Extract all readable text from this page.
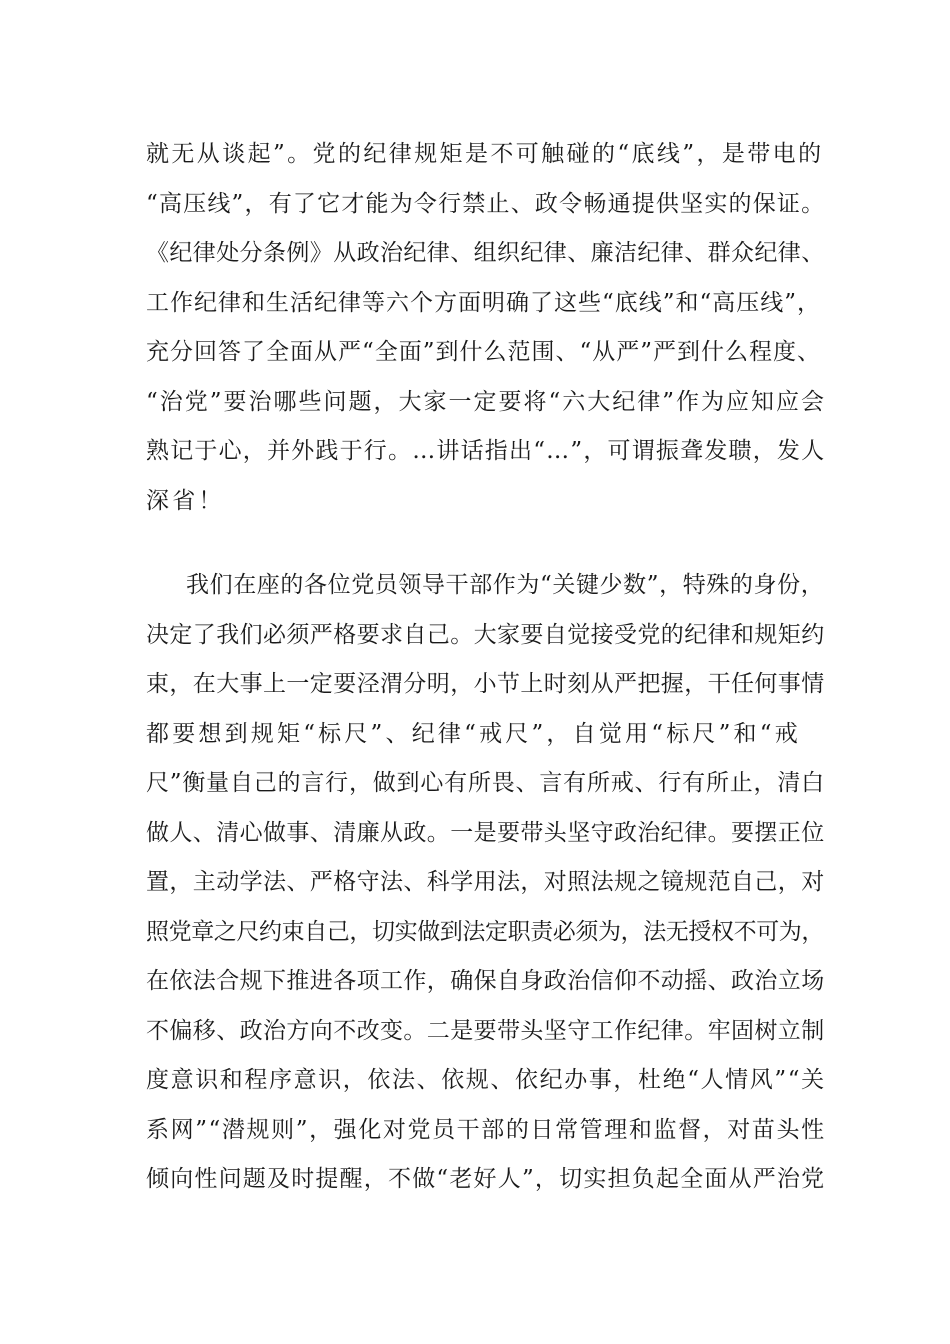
就无从谈起”。党的纪律规矩是不可触碰的“底线”，是带电的
“高压线”，有了它才能为令行禁止、政令畅通提供坚实的保证。
《纪律处分条例》从政治纪律、组织纪律、廉洁纪律、群众纪律、
工作纪律和生活纪律等六个方面明确了这些“底线”和“高压线”，
充分回答了全面从严“全面”到什么范围、“从严”严到什么程度、
“治党”要治哪些问题，大家一定要将“六大纪律”作为应知应会
熟记于心，并外践于行。…讲话指出“…”，可谓振聋发聩，发人
深省！
我们在座的各位党员领导干部作为“关键少数”，特殊的身份，
决定了我们必须严格要求自己。大家要自觉接受党的纪律和规矩约
束，在大事上一定要泾渭分明，小节上时刻从严把握，干任何事情
都要想到规矩“标尺”、纪律“戒尺”，自觉用“标尺”和“戒
尺”衡量自己的言行，做到心有所畏、言有所戒、行有所止，清白
做人、清心做事、清廉从政。一是要带头坚守政治纪律。要摆正位
置，主动学法、严格守法、科学用法，对照法规之镜规范自己，对
照党章之尺约束自己，切实做到法定职责必须为，法无授权不可为，
在依法合规下推进各项工作，确保自身政治信仰不动摇、政治立场
不偏移、政治方向不改变。二是要带头坚守工作纪律。牢固树立制
度意识和程序意识，依法、依规、依纪办事，杜绝“人情风”“关
系网”“潜规则”，强化对党员干部的日常管理和监督，对苗头性
倾向性问题及时提醒，不做“老好人”，切实担负起全面从严治党
